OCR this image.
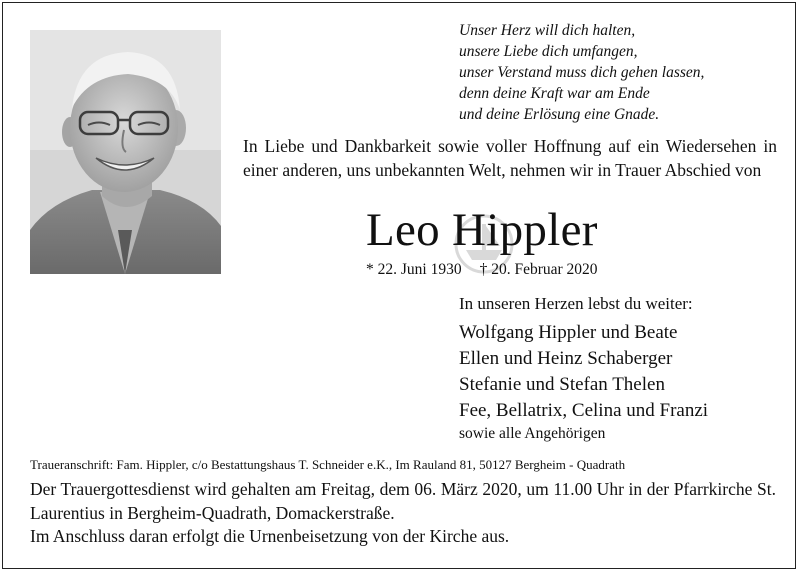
Unser Herz will dich halten,
unsere Liebe dich umfangen,
unser Verstand muss dich gehen lassen,
denn deine Kraft war am Ende
und deine Erlösung eine Gnade.
In Liebe und Dankbarkeit sowie voller Hoffnung auf ein Wiedersehen in einer anderen, uns unbekannten Welt, nehmen wir in Trauer Abschied von
Leo Hippler
* 22. Juni 1930 † 20. Februar 2020
In unseren Herzen lebst du weiter:
Wolfgang Hippler und Beate
Ellen und Heinz Schaberger
Stefanie und Stefan Thelen
Fee, Bellatrix, Celina und Franzi
sowie alle Angehörigen
Traueranschrift: Fam. Hippler, c/o Bestattungshaus T. Schneider e.K., Im Rauland 81, 50127 Bergheim - Quadrath
Der Trauergottesdienst wird gehalten am Freitag, dem 06. März 2020, um 11.00 Uhr in der Pfarrkirche St. Laurentius in Bergheim-Quadrath, Domackerstraße.
Im Anschluss daran erfolgt die Urnenbeisetzung von der Kirche aus.
